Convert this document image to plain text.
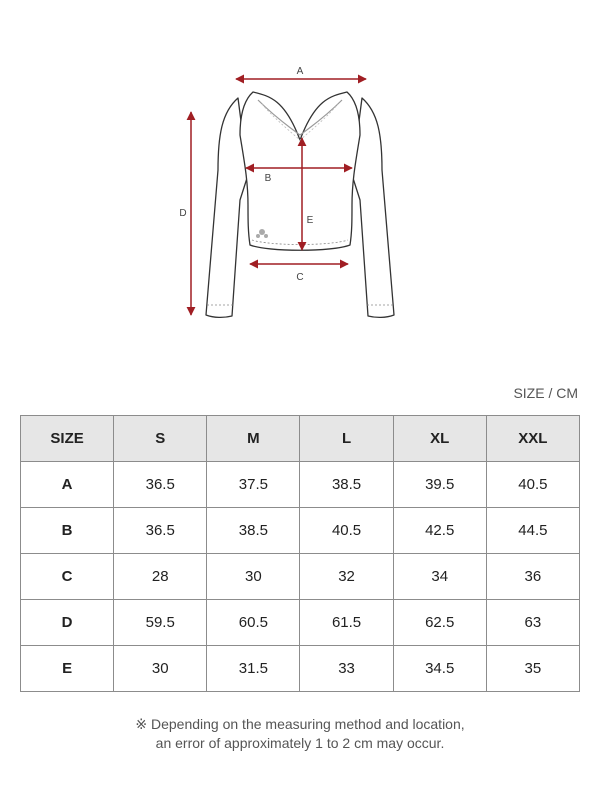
A
B
C
D
E
SIZE / CM
SIZE	S	M	L	XL	XXL
A	36.5	37.5	38.5	39.5	40.5
B	36.5	38.5	40.5	42.5	44.5
C	28	30	32	34	36
D	59.5	60.5	61.5	62.5	63
E	30	31.5	33	34.5	35
※ Depending on the measuring method and location,
an error of approximately 1 to 2 cm may occur.
